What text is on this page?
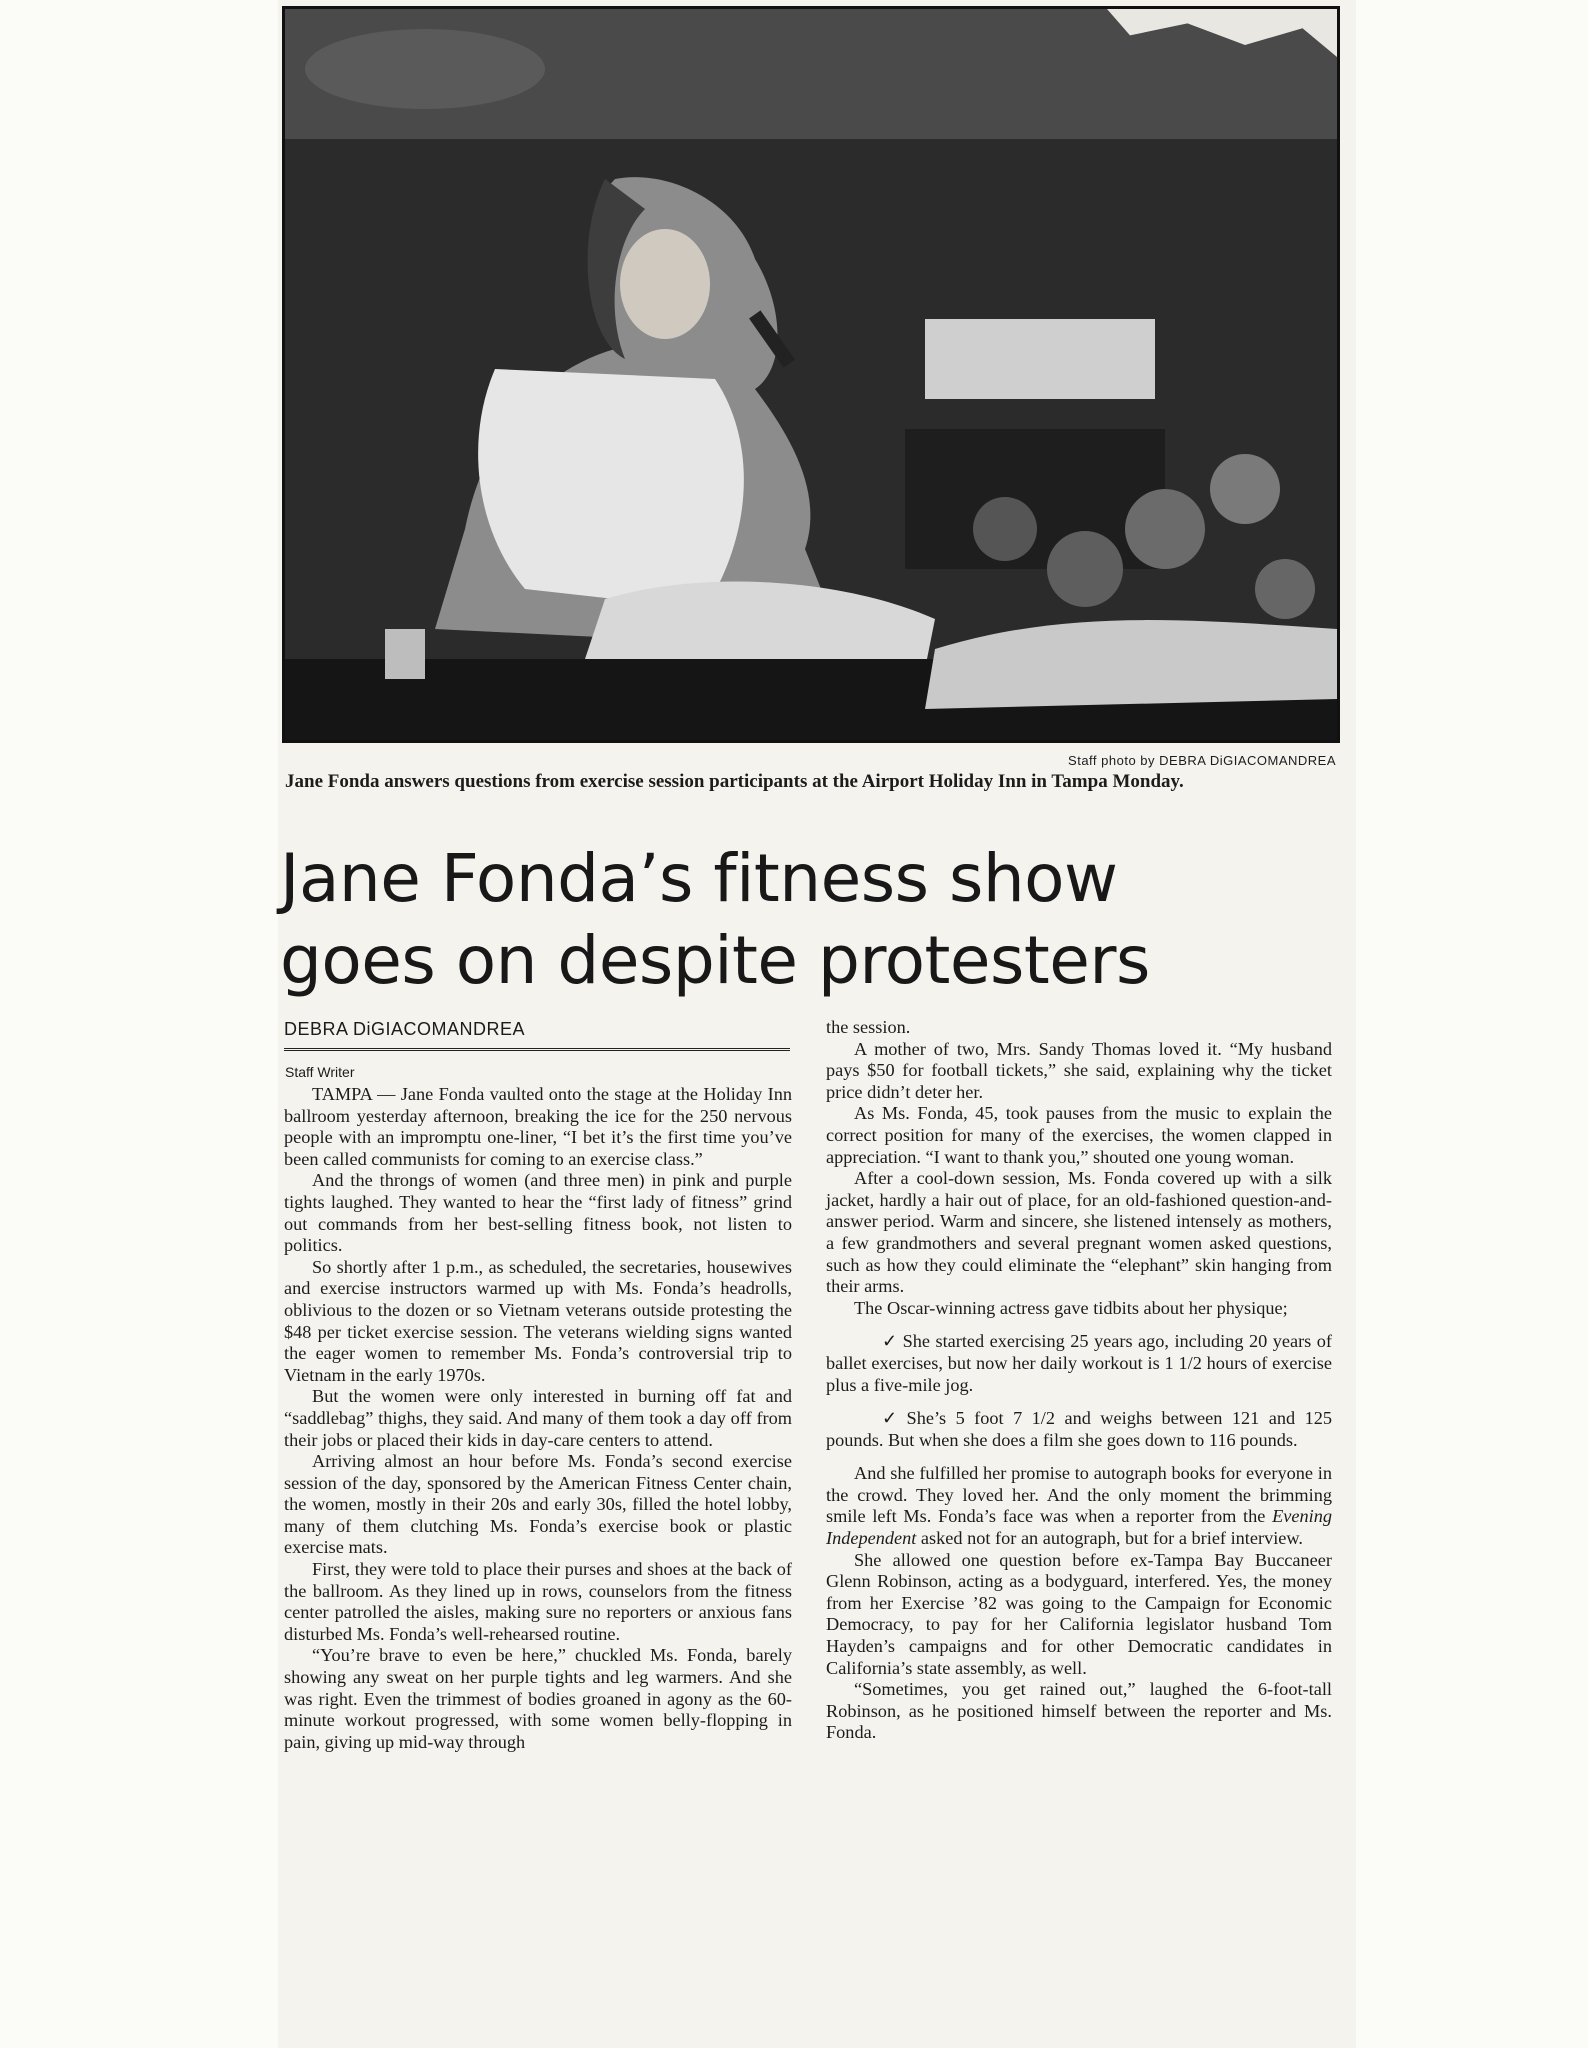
Staff photo by DEBRA DiGIACOMANDREA
Jane Fonda answers questions from exercise session participants at the Airport Holiday Inn in Tampa Monday.
Jane Fonda’s fitness show
goes on despite protesters
DEBRA DiGIACOMANDREA
Staff Writer

TAMPA — Jane Fonda vaulted onto the stage at the Holiday Inn ballroom yesterday afternoon, breaking the ice for the 250 nervous people with an impromptu one-liner, “I bet it’s the first time you’ve been called communists for coming to an exercise class.”

And the throngs of women (and three men) in pink and purple tights laughed. They wanted to hear the “first lady of fitness” grind out commands from her best-selling fitness book, not listen to politics.

So shortly after 1 p.m., as scheduled, the secretaries, housewives and exercise instructors warmed up with Ms. Fonda’s headrolls, oblivious to the dozen or so Vietnam veterans outside protesting the $48 per ticket exercise session. The veterans wielding signs wanted the eager women to remember Ms. Fonda’s controversial trip to Vietnam in the early 1970s.

But the women were only interested in burning off fat and “saddlebag” thighs, they said. And many of them took a day off from their jobs or placed their kids in day-care centers to attend.

Arriving almost an hour before Ms. Fonda’s second exercise session of the day, sponsored by the American Fitness Center chain, the women, mostly in their 20s and early 30s, filled the hotel lobby, many of them clutching Ms. Fonda’s exercise book or plastic exercise mats.

First, they were told to place their purses and shoes at the back of the ballroom. As they lined up in rows, counselors from the fitness center patrolled the aisles, making sure no reporters or anxious fans disturbed Ms. Fonda’s well-rehearsed routine.

“You’re brave to even be here,” chuckled Ms. Fonda, barely showing any sweat on her purple tights and leg warmers. And she was right. Even the trimmest of bodies groaned in agony as the 60-minute workout progressed, with some women belly-flopping in pain, giving up mid-way through

the session.

A mother of two, Mrs. Sandy Thomas loved it. “My husband pays $50 for football tickets,” she said, explaining why the ticket price didn’t deter her.

As Ms. Fonda, 45, took pauses from the music to explain the correct position for many of the exercises, the women clapped in appreciation. “I want to thank you,” shouted one young woman.

After a cool-down session, Ms. Fonda covered up with a silk jacket, hardly a hair out of place, for an old-fashioned question-and-answer period. Warm and sincere, she listened intensely as mothers, a few grandmothers and several pregnant women asked questions, such as how they could eliminate the “elephant” skin hanging from their arms.

The Oscar-winning actress gave tidbits about her physique;

✓ She started exercising 25 years ago, including 20 years of ballet exercises, but now her daily workout is 1 1/2 hours of exercise plus a five-mile jog.

✓ She’s 5 foot 7 1/2 and weighs between 121 and 125 pounds. But when she does a film she goes down to 116 pounds.

And she fulfilled her promise to autograph books for everyone in the crowd. They loved her. And the only moment the brimming smile left Ms. Fonda’s face was when a reporter from the Evening Independent asked not for an autograph, but for a brief interview.

She allowed one question before ex-Tampa Bay Buccaneer Glenn Robinson, acting as a bodyguard, interfered. Yes, the money from her Exercise ’82 was going to the Campaign for Economic Democracy, to pay for her California legislator husband Tom Hayden’s campaigns and for other Democratic candidates in California’s state assembly, as well.

“Sometimes, you get rained out,” laughed the 6-foot-tall Robinson, as he positioned himself between the reporter and Ms. Fonda.
